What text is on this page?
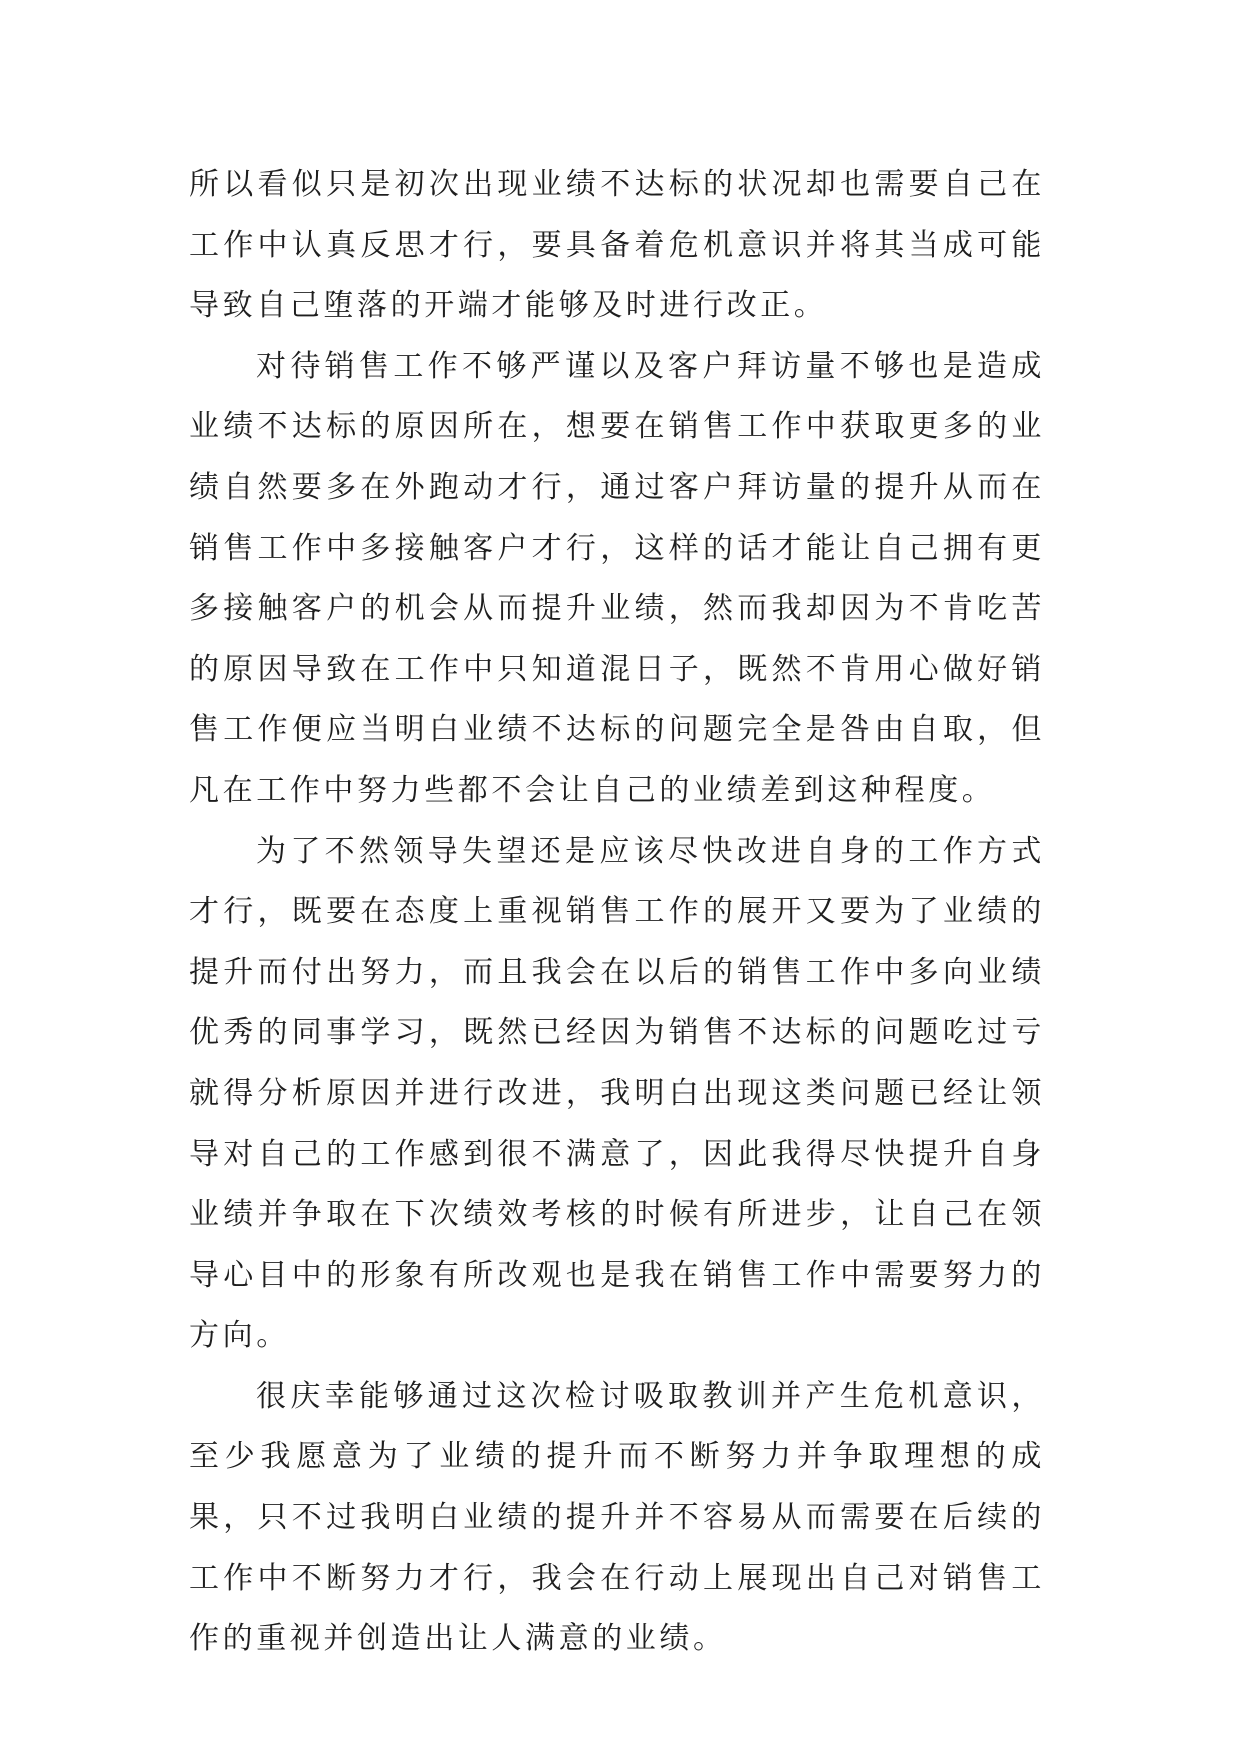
所以看似只是初次出现业绩不达标的状况却也需要自己在工作中认真反思才行，要具备着危机意识并将其当成可能导致自己堕落的开端才能够及时进行改正。

对待销售工作不够严谨以及客户拜访量不够也是造成业绩不达标的原因所在，想要在销售工作中获取更多的业绩自然要多在外跑动才行，通过客户拜访量的提升从而在销售工作中多接触客户才行，这样的话才能让自己拥有更多接触客户的机会从而提升业绩，然而我却因为不肯吃苦的原因导致在工作中只知道混日子，既然不肯用心做好销售工作便应当明白业绩不达标的问题完全是咎由自取，但凡在工作中努力些都不会让自己的业绩差到这种程度。

为了不然领导失望还是应该尽快改进自身的工作方式才行，既要在态度上重视销售工作的展开又要为了业绩的提升而付出努力，而且我会在以后的销售工作中多向业绩优秀的同事学习，既然已经因为销售不达标的问题吃过亏就得分析原因并进行改进，我明白出现这类问题已经让领导对自己的工作感到很不满意了，因此我得尽快提升自身业绩并争取在下次绩效考核的时候有所进步，让自己在领导心目中的形象有所改观也是我在销售工作中需要努力的方向。

很庆幸能够通过这次检讨吸取教训并产生危机意识，至少我愿意为了业绩的提升而不断努力并争取理想的成果，只不过我明白业绩的提升并不容易从而需要在后续的工作中不断努力才行，我会在行动上展现出自己对销售工作的重视并创造出让人满意的业绩。
